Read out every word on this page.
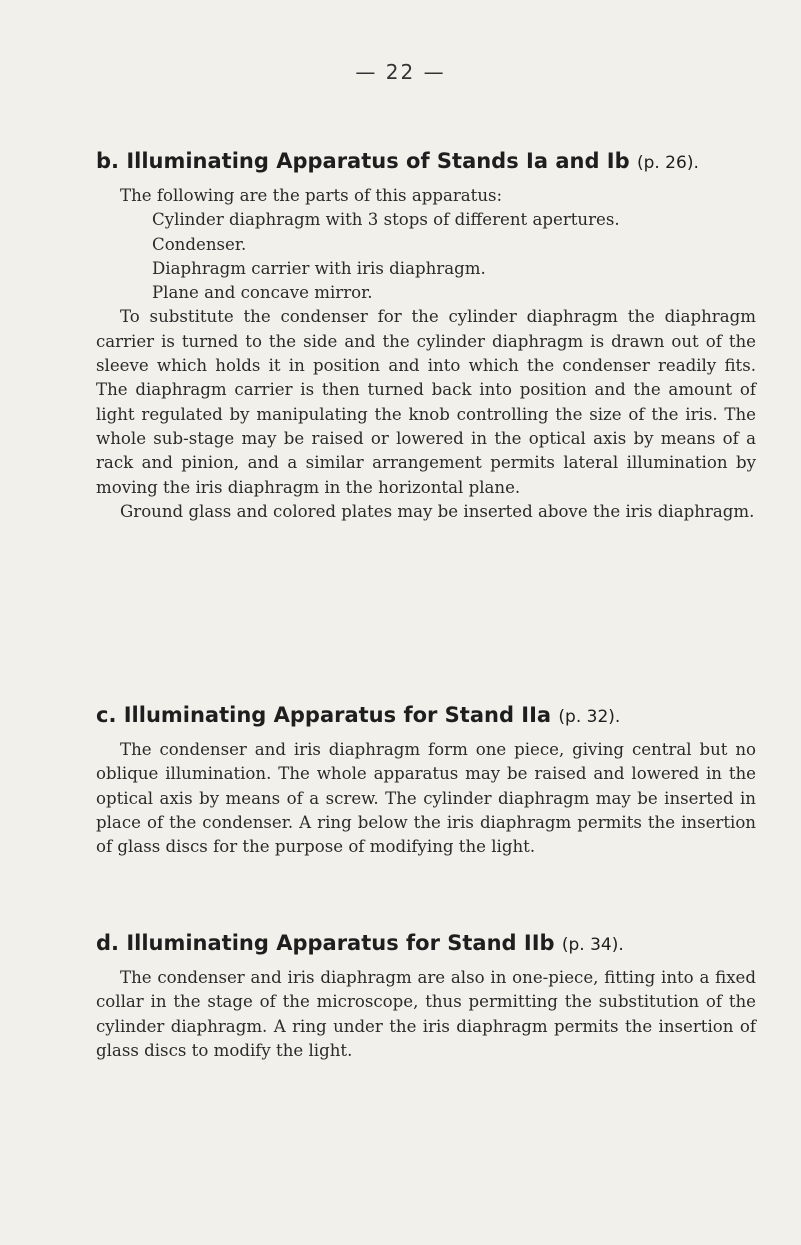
— 22 —
b. Illuminating Apparatus of Stands Ia and Ib (p. 26).

The following are the parts of this apparatus:

Cylinder diaphragm with 3 stops of different apertures.
Condenser.
Diaphragm carrier with iris diaphragm.
Plane and concave mirror.

To substitute the condenser for the cylinder diaphragm the diaphragm carrier is turned to the side and the cylinder diaphragm is drawn out of the sleeve which holds it in position and into which the condenser readily fits. The diaphragm carrier is then turned back into position and the amount of light regulated by manipulating the knob controlling the size of the iris. The whole sub-stage may be raised or lowered in the optical axis by means of a rack and pinion, and a similar arrangement permits lateral illumination by moving the iris diaphragm in the horizontal plane.

Ground glass and colored plates may be inserted above the iris diaphragm.

c. Illuminating Apparatus for Stand IIa (p. 32).

The condenser and iris diaphragm form one piece, giving central but no oblique illumination. The whole apparatus may be raised and lowered in the optical axis by means of a screw. The cylinder diaphragm may be inserted in place of the condenser. A ring below the iris diaphragm permits the insertion of glass discs for the purpose of modifying the light.

d. Illuminating Apparatus for Stand IIb (p. 34).

The condenser and iris diaphragm are also in one-piece, fitting into a fixed collar in the stage of the microscope, thus permitting the substitution of the cylinder diaphragm. A ring under the iris diaphragm permits the insertion of glass discs to modify the light.
